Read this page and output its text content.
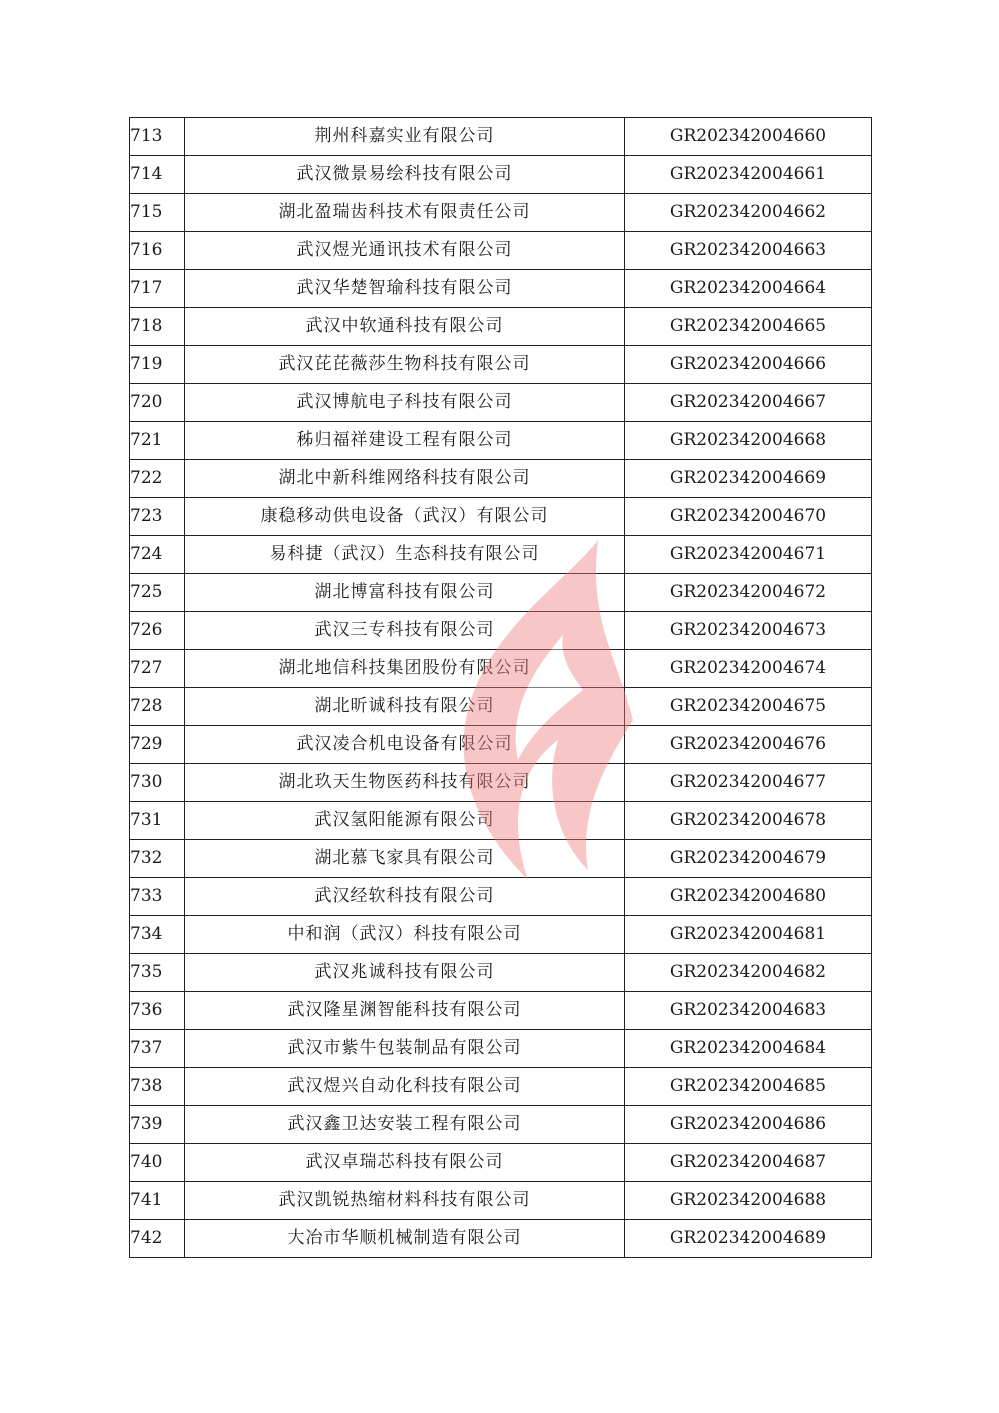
713	荆州科嘉实业有限公司	GR202342004660
714	武汉微景易绘科技有限公司	GR202342004661
715	湖北盈瑞齿科技术有限责任公司	GR202342004662
716	武汉煜光通讯技术有限公司	GR202342004663
717	武汉华楚智瑜科技有限公司	GR202342004664
718	武汉中软通科技有限公司	GR202342004665
719	武汉芘芘薇莎生物科技有限公司	GR202342004666
720	武汉博航电子科技有限公司	GR202342004667
721	秭归福祥建设工程有限公司	GR202342004668
722	湖北中新科维网络科技有限公司	GR202342004669
723	康稳移动供电设备（武汉）有限公司	GR202342004670
724	易科捷（武汉）生态科技有限公司	GR202342004671
725	湖北博富科技有限公司	GR202342004672
726	武汉三专科技有限公司	GR202342004673
727	湖北地信科技集团股份有限公司	GR202342004674
728	湖北昕诚科技有限公司	GR202342004675
729	武汉凌合机电设备有限公司	GR202342004676
730	湖北玖天生物医药科技有限公司	GR202342004677
731	武汉氢阳能源有限公司	GR202342004678
732	湖北慕飞家具有限公司	GR202342004679
733	武汉经软科技有限公司	GR202342004680
734	中和润（武汉）科技有限公司	GR202342004681
735	武汉兆诚科技有限公司	GR202342004682
736	武汉隆星渊智能科技有限公司	GR202342004683
737	武汉市紫牛包装制品有限公司	GR202342004684
738	武汉煜兴自动化科技有限公司	GR202342004685
739	武汉鑫卫达安装工程有限公司	GR202342004686
740	武汉卓瑞芯科技有限公司	GR202342004687
741	武汉凯锐热缩材料科技有限公司	GR202342004688
742	大冶市华顺机械制造有限公司	GR202342004689
